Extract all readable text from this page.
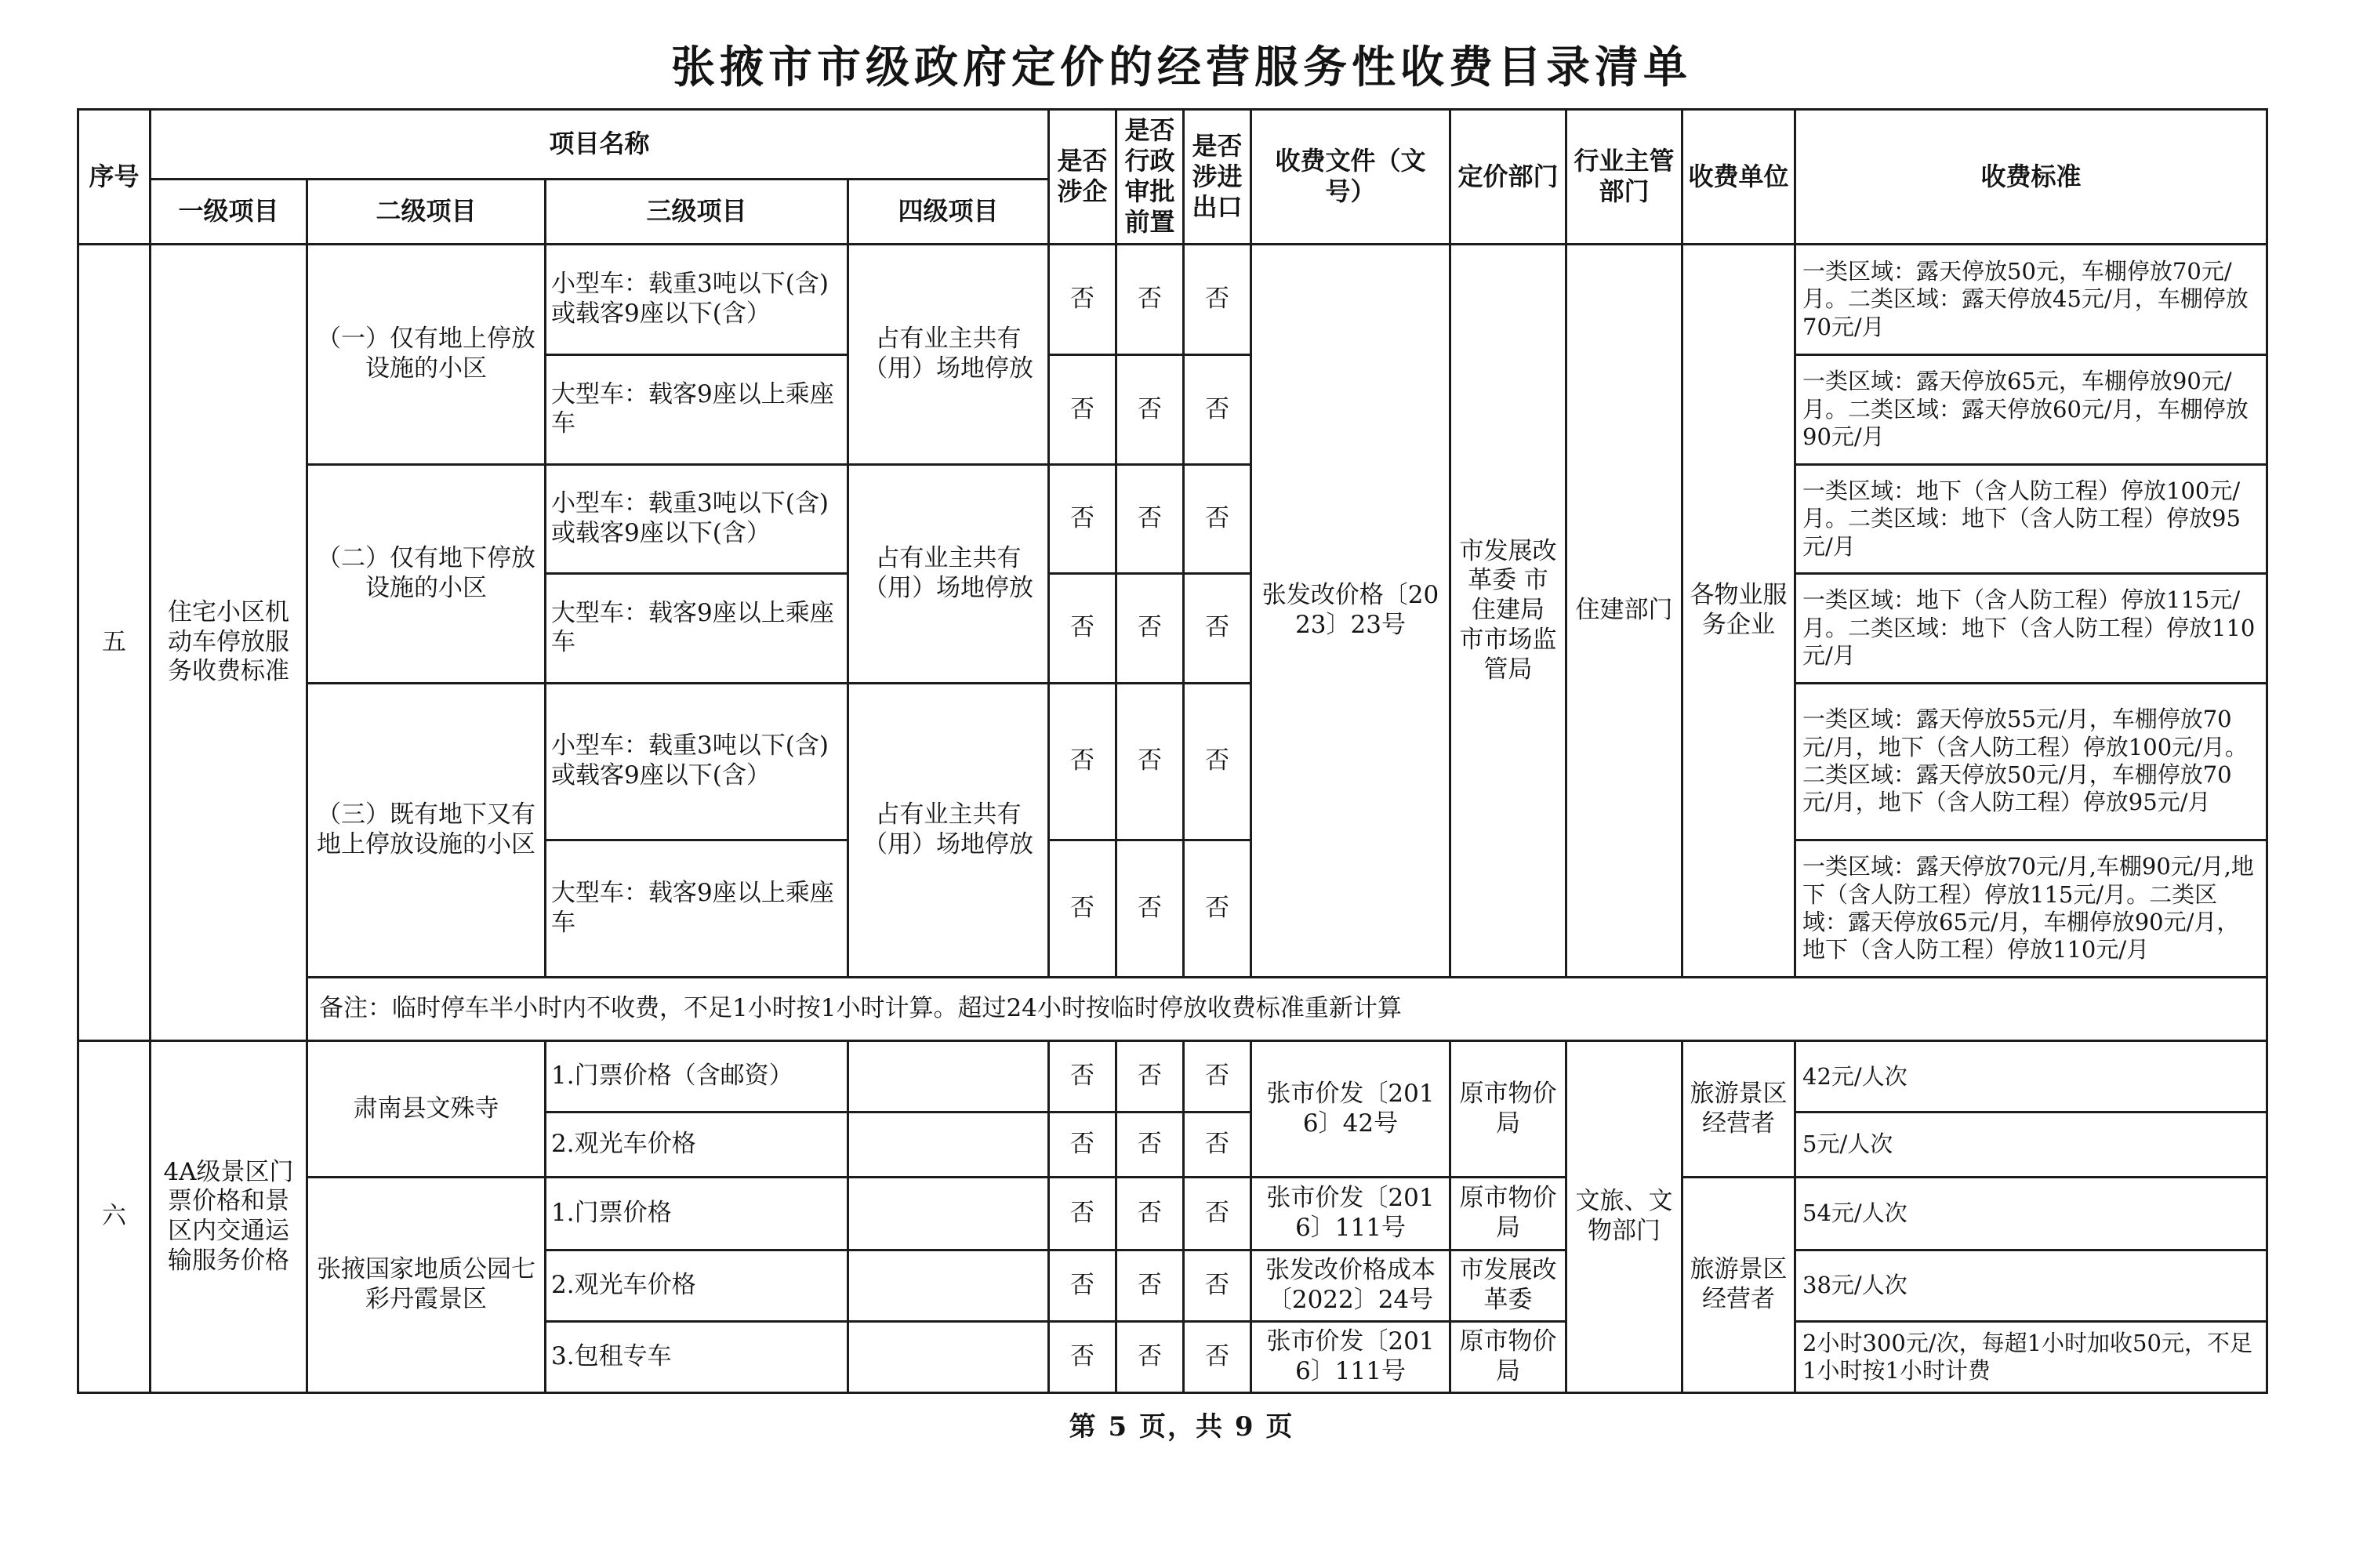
张掖市市级政府定价的经营服务性收费目录清单
序号	项目名称				是否涉企	是否行政审批前置	是否涉进出口	收费文件（文号）	定价部门	行业主管部门	收费单位	收费标准
	一级项目	二级项目	三级项目	四级项目								
五	住宅小区机动车停放服务收费标准	（一）仅有地上停放设施的小区	小型车：载重3吨以下(含)或载客9座以下(含）	占有业主共有（用）场地停放	否	否	否	张发改价格〔2023〕23号	市发展改革委 市住建局 市市场监管局	住建部门	各物业服务企业	一类区域：露天停放50元，车棚停放70元/月。二类区域：露天停放45元/月，车棚停放70元/月
			大型车：载客9座以上乘座车		否	否	否					一类区域：露天停放65元，车棚停放90元/月。二类区域：露天停放60元/月，车棚停放90元/月
		（二）仅有地下停放设施的小区	小型车：载重3吨以下(含)或载客9座以下(含）	占有业主共有（用）场地停放	否	否	否					一类区域：地下（含人防工程）停放100元/月。二类区域：地下（含人防工程）停放95元/月
			大型车：载客9座以上乘座车		否	否	否					一类区域：地下（含人防工程）停放115元/月。二类区域：地下（含人防工程）停放110元/月
		（三）既有地下又有地上停放设施的小区	小型车：载重3吨以下(含)或载客9座以下(含）	占有业主共有（用）场地停放	否	否	否					一类区域：露天停放55元/月，车棚停放70元/月，地下（含人防工程）停放100元/月。二类区域：露天停放50元/月，车棚停放70元/月，地下（含人防工程）停放95元/月
			大型车：载客9座以上乘座车		否	否	否					一类区域：露天停放70元/月,车棚90元/月,地下（含人防工程）停放115元/月。二类区域：露天停放65元/月，车棚停放90元/月，地下（含人防工程）停放110元/月
		备注：临时停车半小时内不收费，不足1小时按1小时计算。超过24小时按临时停放收费标准重新计算										
六	4A级景区门票价格和景区内交通运输服务价格	肃南县文殊寺	1.门票价格（含邮资）		否	否	否	张市价发〔2016〕42号	原市物价局	文旅、文物部门	旅游景区经营者	42元/人次
			2.观光车价格		否	否	否					5元/人次
		张掖国家地质公园七彩丹霞景区	1.门票价格		否	否	否	张市价发〔2016〕111号	原市物价局		旅游景区经营者	54元/人次
			2.观光车价格		否	否	否	张发改价格成本〔2022〕24号	市发展改革委			38元/人次
			3.包租专车		否	否	否	张市价发〔2016〕111号	原市物价局			2小时300元/次，每超1小时加收50元，不足1小时按1小时计费
第 5 页，共 9 页
